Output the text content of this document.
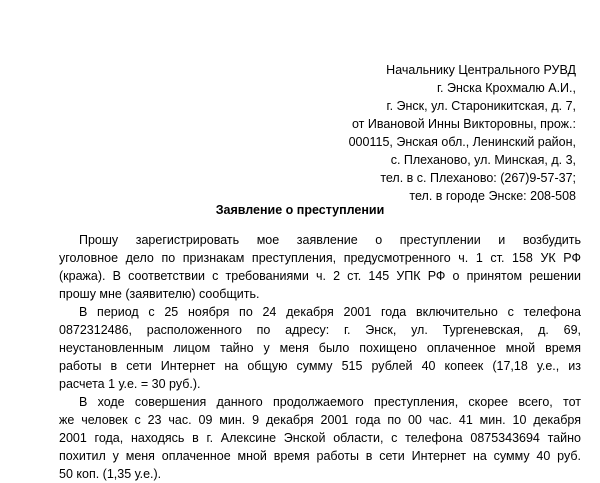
Начальнику Центрального РУВД
г. Энска Крохмалю А.И.,
г. Энск, ул. Староникитская, д. 7,
от Ивановой Инны Викторовны, прож.:
000115, Энская обл., Ленинский район,
с. Плеханово, ул. Минская, д. 3,
тел. в с. Плеханово: (267)9-57-37;
тел. в городе Энске: 208-508
Заявление о преступлении
Прошу зарегистрировать мое заявление о преступлении и возбудить
уголовное дело по признакам преступления, предусмотренного ч. 1 ст. 158 УК РФ
(кража). В соответствии с требованиями ч. 2 ст. 145 УПК РФ о принятом решении
прошу мне (заявителю) сообщить.
В период с 25 ноября по 24 декабря 2001 года включительно с телефона
0872312486, расположенного по адресу: г. Энск, ул. Тургеневская, д. 69,
неустановленным лицом тайно у меня было похищено оплаченное мной время
работы в сети Интернет на общую сумму 515 рублей 40 копеек (17,18 у.е., из
расчета 1 у.е. = 30 руб.).
В ходе совершения данного продолжаемого преступления, скорее всего, тот
же человек с 23 час. 09 мин. 9 декабря 2001 года по 00 час. 41 мин. 10 декабря
2001 года, находясь в г. Алексине Энской области, с телефона 0875343694 тайно
похитил у меня оплаченное мной время работы в сети Интернет на сумму 40 руб.
50 коп. (1,35 у.е.).
